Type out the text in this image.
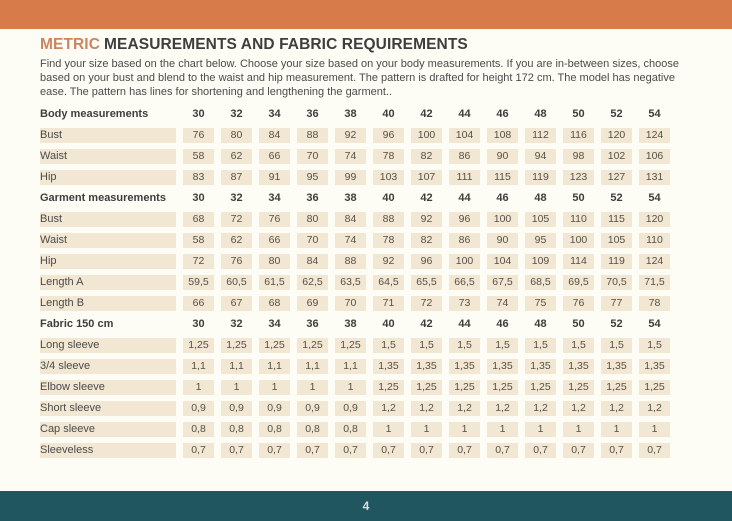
METRIC MEASUREMENTS AND FABRIC REQUIREMENTS

Find your size based on the chart below. Choose your size based on your body measurements. If you are in-between sizes, choose based on your bust and blend to the waist and hip measurement. The pattern is drafted for height 172 cm. The model has negative ease. The pattern has lines for shortening and lengthening the garment..

Body measurements	30	32	34	36	38	40	42	44	46	48	50	52	54
Bust	76	80	84	88	92	96	100	104	108	112	116	120	124
Waist	58	62	66	70	74	78	82	86	90	94	98	102	106
Hip	83	87	91	95	99	103	107	111	115	119	123	127	131
Garment measurements	30	32	34	36	38	40	42	44	46	48	50	52	54
Bust	68	72	76	80	84	88	92	96	100	105	110	115	120
Waist	58	62	66	70	74	78	82	86	90	95	100	105	110
Hip	72	76	80	84	88	92	96	100	104	109	114	119	124
Length A	59,5	60,5	61,5	62,5	63,5	64,5	65,5	66,5	67,5	68,5	69,5	70,5	71,5
Length B	66	67	68	69	70	71	72	73	74	75	76	77	78
Fabric 150 cm	30	32	34	36	38	40	42	44	46	48	50	52	54
Long sleeve	1,25	1,25	1,25	1,25	1,25	1,5	1,5	1,5	1,5	1,5	1,5	1,5	1,5
3/4 sleeve	1,1	1,1	1,1	1,1	1,1	1,35	1,35	1,35	1,35	1,35	1,35	1,35	1,35
Elbow sleeve	1	1	1	1	1	1,25	1,25	1,25	1,25	1,25	1,25	1,25	1,25
Short sleeve	0,9	0,9	0,9	0,9	0,9	1,2	1,2	1,2	1,2	1,2	1,2	1,2	1,2
Cap sleeve	0,8	0,8	0,8	0,8	0,8	1	1	1	1	1	1	1	1
Sleeveless	0,7	0,7	0,7	0,7	0,7	0,7	0,7	0,7	0,7	0,7	0,7	0,7	0,7
4
